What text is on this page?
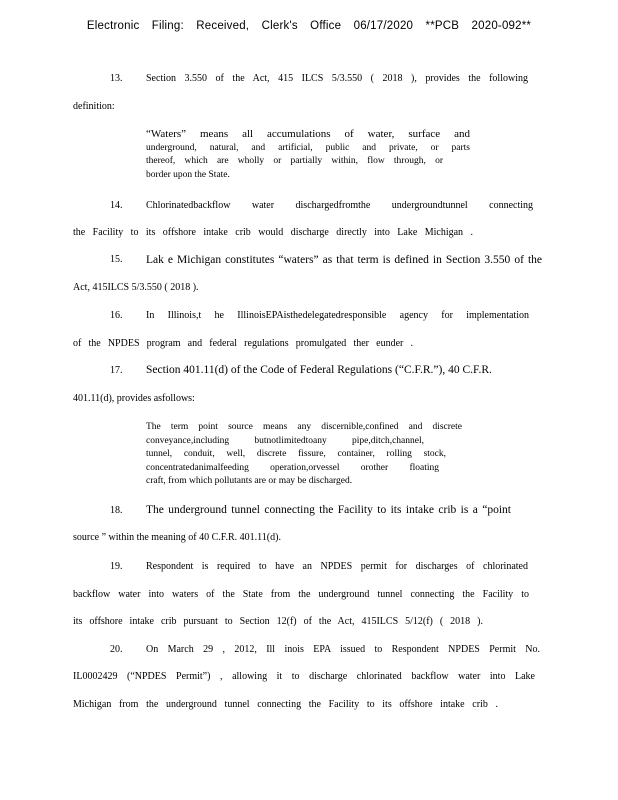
Electronic Filing: Received, Clerk's Office 06/17/2020 **PCB 2020-092**
13. Section 3.550 of the Act, 415 ILCS 5/3.550 ( 2018 ), provides the following
definition:
“Waters” means all accumulations of water, surface and
underground, natural, and artificial, public and private, or parts
thereof, which are wholly or partially within, flow through, or
border upon the State.
14. Chlorinatedbackflow water dischargedfromthe undergroundtunnel connecting
the Facility to its offshore intake crib would discharge directly into Lake Michigan .
15. Lak e Michigan constitutes “waters” as that term is defined in Section 3.550 of the
Act, 415ILCS 5/3.550 ( 2018 ).
16. In Illinois,t he IllinoisEPAisthedelegatedresponsible agency for implementation
of the NPDES program and federal regulations promulgated ther eunder .
17. Section 401.11(d) of the Code of Federal Regulations (“C.F.R.”), 40 C.F.R.
401.11(d), provides asfollows:
The term point source means any discernible,confined and discrete
conveyance,including butnotlimitedtoany pipe,ditch,channel,
tunnel, conduit, well, discrete fissure, container, rolling stock,
concentratedanimalfeeding operation,orvessel orother floating
craft, from which pollutants are or may be discharged.
18. The underground tunnel connecting the Facility to its intake crib is a “point
source ” within the meaning of 40 C.F.R. 401.11(d).
19. Respondent is required to have an NPDES permit for discharges of chlorinated
backflow water into waters of the State from the underground tunnel connecting the Facility to
its offshore intake crib pursuant to Section 12(f) of the Act, 415ILCS 5/12(f) ( 2018 ).
20. On March 29 , 2012, Ill inois EPA issued to Respondent NPDES Permit No.
IL0002429 (“NPDES Permit”) , allowing it to discharge chlorinated backflow water into Lake
Michigan from the underground tunnel connecting the Facility to its offshore intake crib .
